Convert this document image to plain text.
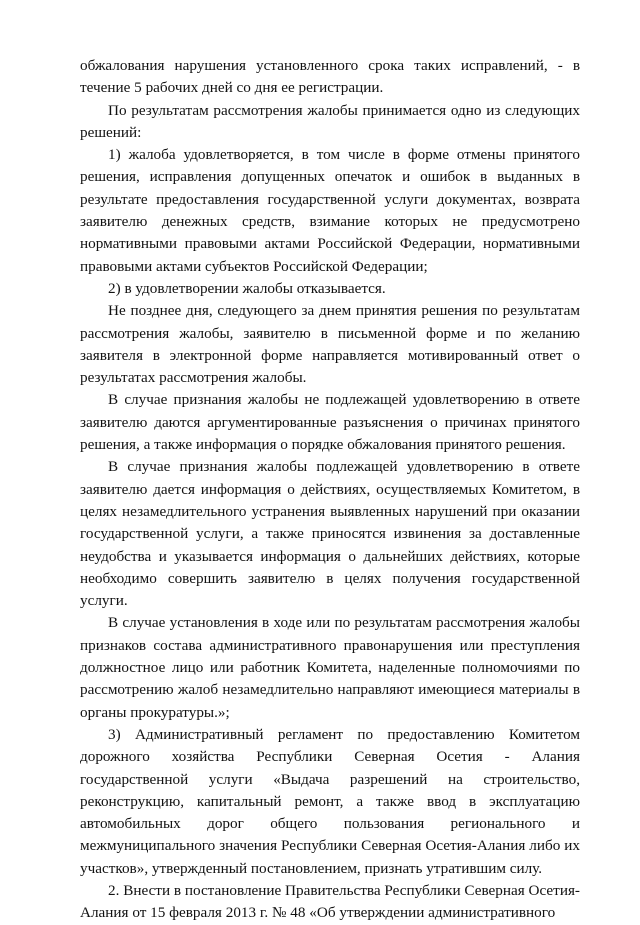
обжалования нарушения установленного срока таких исправлений, - в течение 5 рабочих дней со дня ее регистрации.

По результатам рассмотрения жалобы принимается одно из следующих решений:

1) жалоба удовлетворяется, в том числе в форме отмены принятого решения, исправления допущенных опечаток и ошибок в выданных в результате предоставления государственной услуги документах, возврата заявителю денежных средств, взимание которых не предусмотрено нормативными правовыми актами Российской Федерации, нормативными правовыми актами субъектов Российской Федерации;

2) в удовлетворении жалобы отказывается.

Не позднее дня, следующего за днем принятия решения по результатам рассмотрения жалобы, заявителю в письменной форме и по желанию заявителя в электронной форме направляется мотивированный ответ о результатах рассмотрения жалобы.

В случае признания жалобы не подлежащей удовлетворению в ответе заявителю даются аргументированные разъяснения о причинах принятого решения, а также информация о порядке обжалования принятого решения.

В случае признания жалобы подлежащей удовлетворению в ответе заявителю дается информация о действиях, осуществляемых Комитетом, в целях незамедлительного устранения выявленных нарушений при оказании государственной услуги, а также приносятся извинения за доставленные неудобства и указывается информация о дальнейших действиях, которые необходимо совершить заявителю в целях получения государственной услуги.

В случае установления в ходе или по результатам рассмотрения жалобы признаков состава административного правонарушения или преступления должностное лицо или работник Комитета, наделенные полномочиями по рассмотрению жалоб незамедлительно направляют имеющиеся материалы в органы прокуратуры.»;

3) Административный регламент по предоставлению Комитетом дорожного хозяйства Республики Северная Осетия - Алания государственной услуги «Выдача разрешений на строительство, реконструкцию, капитальный ремонт, а также ввод в эксплуатацию автомобильных дорог общего пользования регионального и межмуниципального значения Республики Северная Осетия-Алания либо их участков», утвержденный постановлением, признать утратившим силу.

2. Внести в постановление Правительства Республики Северная Осетия-Алания от 15 февраля 2013 г. № 48 «Об утверждении административного
